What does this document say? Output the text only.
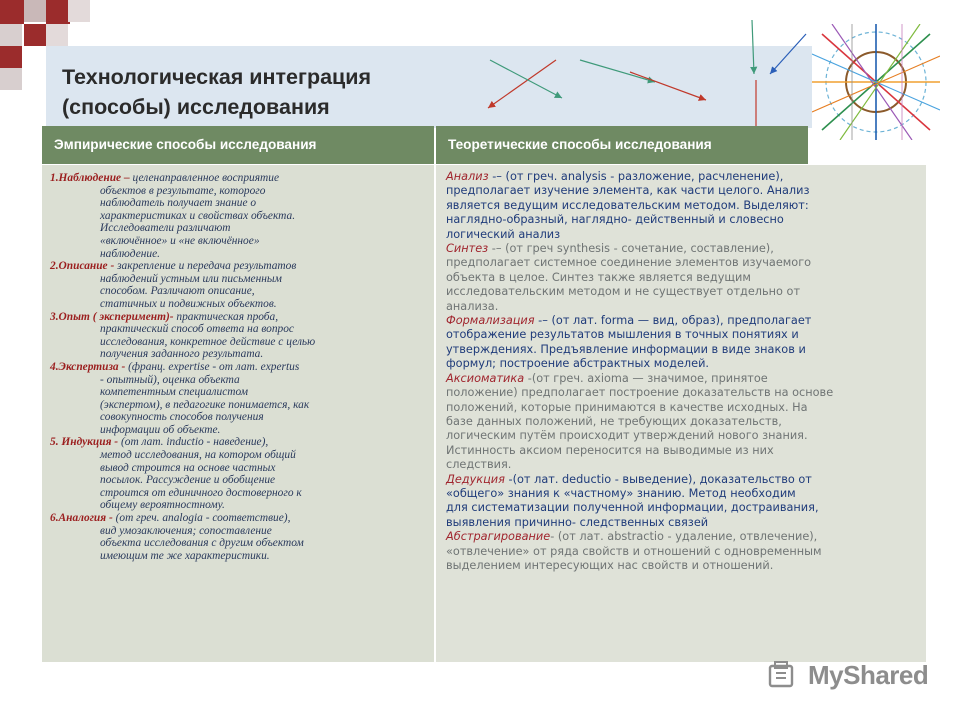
Технологическая интеграция
(способы) исследования
Эмпирические способы исследования	Теоретические способы исследования
1.Наблюдение – целенаправленное восприятие
объектов в результате, которого
наблюдатель получает знание о
характеристиках и свойствах объекта.
Исследователи различают
«включённое» и «не включённое»
наблюдение.
2.Описание - закрепление и передача результатов
наблюдений устным или письменным
способом. Различают описание,
статичных и подвижных объектов.
3.Опыт ( эксперимент)- практическая проба,
практический способ ответа на вопрос
исследования, конкретное действие с целью
получения заданного результата.
4.Экспертиза - (франц. expertise - от лат. expertus
- опытный), оценка объекта
компетентным специалистом
(экспертом), в педагогике понимается, как
совокупность способов получения
информации об объекте.
5. Индукция - (от лат. inductio - наведение),
метод исследования, на котором общий
вывод строится на основе частных
посылок. Рассуждение и обобщение
строится от единичного достоверного к
общему вероятностному.
6.Аналогия - (от греч. analogia - соответствие),
вид умозаключения; сопоставление
объекта исследования с другим объектом
имеющим те же характеристики.

Анализ -– (от греч. analysis - разложение, расчленение),
предполагает изучение элемента, как части целого. Анализ
является ведущим исследовательским методом. Выделяют:
наглядно-образный, наглядно- действенный и словесно
логический анализ

Синтез -– (от греч synthesis - сочетание, составление),
предполагает системное соединение элементов изучаемого
объекта в целое. Синтез также является ведущим
исследовательским методом и не существует отдельно от
анализа.

Формализация -– (от лат. forma — вид, образ), предполагает
отображение результатов мышления в точных понятиях и
утверждениях. Предъявление информации в виде знаков и
формул; построение абстрактных моделей.

Аксиоматика -(от греч. axioma — значимое, принятое
положение) предполагает построение доказательств на основе
положений, которые принимаются в качестве исходных. На
базе данных положений, не требующих доказательств,
логическим путём происходит утверждений нового знания.
Истинность аксиом переносится на выводимые из них
следствия.

Дедукция -(от лат. deductio - выведение), доказательство от
«общего» знания к «частному» знанию. Метод необходим
для систематизации полученной информации, дострaивания,
выявления причинно- следственных связей

Абстрагирование- (от лат. abstractio - удаление, отвлечение),
«отвлечение» от ряда свойств и отношений с одновременным
выделением интересующих нас свойств и отношений.

MyShared
